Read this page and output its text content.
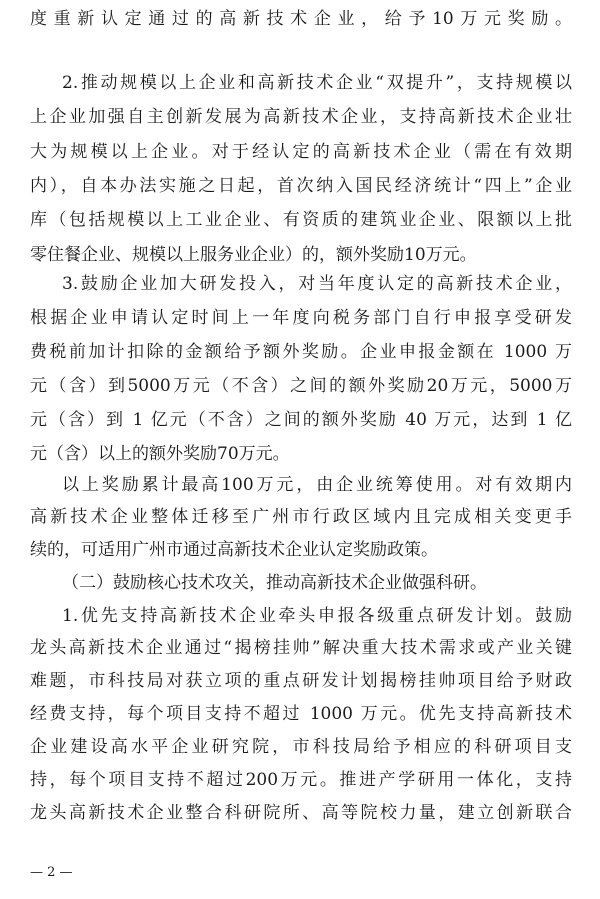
度重新认定通过的高新技术企业，给予10万元奖励。
2.推动规模以上企业和高新技术企业“双提升”，支持规模以
上企业加强自主创新发展为高新技术企业，支持高新技术企业壮
大为规模以上企业。对于经认定的高新技术企业（需在有效期
内），自本办法实施之日起，首次纳入国民经济统计“四上”企业
库（包括规模以上工业企业、有资质的建筑业企业、限额以上批
零住餐企业、规模以上服务业企业）的，额外奖励10万元。
3.鼓励企业加大研发投入，对当年度认定的高新技术企业，
根据企业申请认定时间上一年度向税务部门自行申报享受研发
费税前加计扣除的金额给予额外奖励。企业申报金额在 1000 万
元（含）到5000万元（不含）之间的额外奖励20万元，5000万
元（含）到 1 亿元（不含）之间的额外奖励 40 万元，达到 1 亿
元（含）以上的额外奖励70万元。
以上奖励累计最高100万元，由企业统筹使用。对有效期内
高新技术企业整体迁移至广州市行政区域内且完成相关变更手
续的，可适用广州市通过高新技术企业认定奖励政策。
（二）鼓励核心技术攻关，推动高新技术企业做强科研。
1.优先支持高新技术企业牵头申报各级重点研发计划。鼓励
龙头高新技术企业通过“揭榜挂帅”解决重大技术需求或产业关键
难题，市科技局对获立项的重点研发计划揭榜挂帅项目给予财政
经费支持，每个项目支持不超过 1000 万元。优先支持高新技术
企业建设高水平企业研究院，市科技局给予相应的科研项目支
持，每个项目支持不超过200万元。推进产学研用一体化，支持
龙头高新技术企业整合科研院所、高等院校力量，建立创新联合
— 2 —
